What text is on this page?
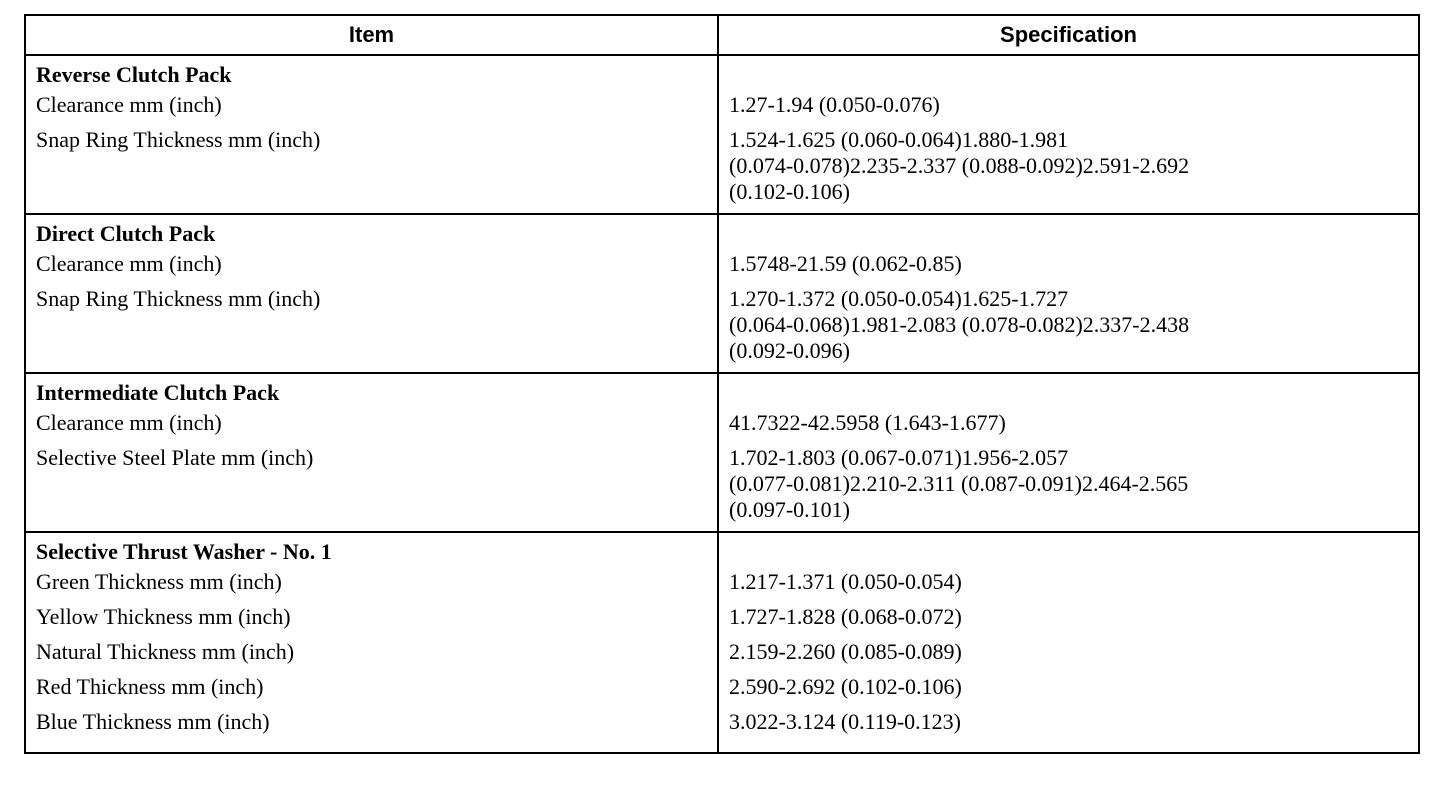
Item	Specification
Reverse Clutch Pack	
Clearance mm (inch)	1.27-1.94 (0.050-0.076)

Snap Ring Thickness mm (inch)	1.524-1.625 (0.060-0.064)1.880-1.981
(0.074-0.078)2.235-2.337 (0.088-0.092)2.591-2.692
(0.102-0.106)

Direct Clutch Pack	
Clearance mm (inch)	1.5748-21.59 (0.062-0.85)

Snap Ring Thickness mm (inch)	1.270-1.372 (0.050-0.054)1.625-1.727
(0.064-0.068)1.981-2.083 (0.078-0.082)2.337-2.438
(0.092-0.096)

Intermediate Clutch Pack	
Clearance mm (inch)	41.7322-42.5958 (1.643-1.677)

Selective Steel Plate mm (inch)	1.702-1.803 (0.067-0.071)1.956-2.057
(0.077-0.081)2.210-2.311 (0.087-0.091)2.464-2.565
(0.097-0.101)

Selective Thrust Washer - No. 1	
Green Thickness mm (inch)	1.217-1.371 (0.050-0.054)

Yellow Thickness mm (inch)	1.727-1.828 (0.068-0.072)

Natural Thickness mm (inch)	2.159-2.260 (0.085-0.089)

Red Thickness mm (inch)	2.590-2.692 (0.102-0.106)

Blue Thickness mm (inch)	3.022-3.124 (0.119-0.123)
